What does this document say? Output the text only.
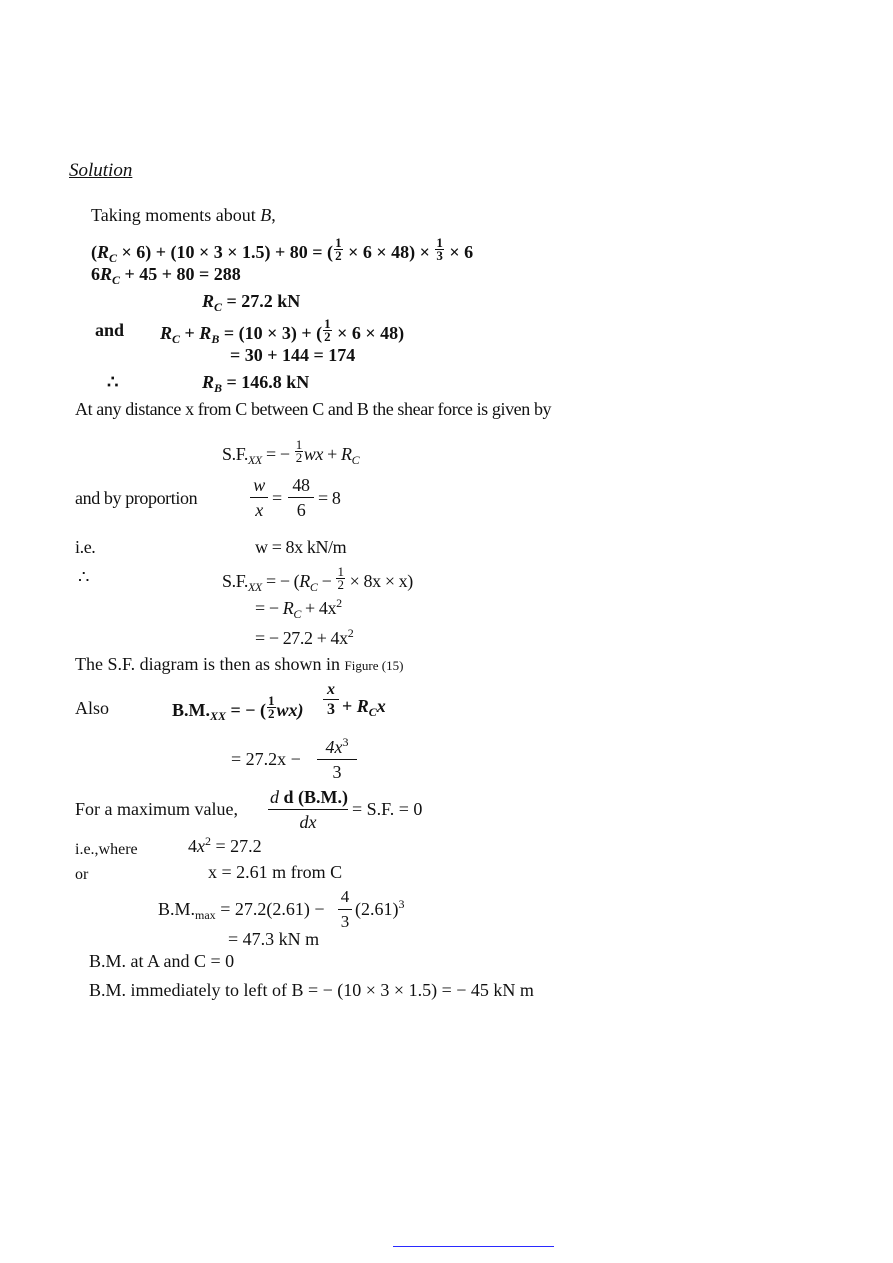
Solution
Taking moments about B,
$(R_C \times 6) + (10 \times 3 \times 1.5) + 80$ = ( $\frac{1}{2} \times 6 \times 48) \times \frac{1}{3} \times 6$
$6R_C + 45 + 80 = 288$
$R_C = 27.2$ kN
and $R_C + R_B = (10 \times 3)$ + ( $\frac{1}{2} \times 6 \times 48$)
= 30 + 144 = 174
∴	$R_B = 146.8$ kN
At any distance x from C between C and B the shear force is given by
$S.F._{XX}$ = − $\frac{1}{2}$ wx + $R_C$
and by proportion	$\frac{w}{x} = \frac{48}{6} = 8$
i.e.	w = 8x kN/m
∴	$S.F._{XX}$ = − $(R_C - \frac{1}{2} \times 8x \times x)$
= − $R_C + 4x^2$
= − $27.2 + 4x^2$
The S.F. diagram is then as shown in Figure (15)
Also	$B.M._{XX}$ = − ( $\frac{1}{2} wx) \frac{x}{3} + R_Cx$
= $27.2x - \frac{4x^3}{3}$
For a maximum value, $\frac{\text{d d (B.M.)}}{dx} = S.F$. = 0
i.e.,where	$4x^2 = 27.2$
or	x = 2.61 m from C
$B.M._{max} = 27.2(2.61) - \frac{4}{3} (2.61)^3$
= 47.3 kN m
B.M. at A and C = 0
B.M. immediately to left of B = − (10 × 3 × 1.5) = − 45 kN m
